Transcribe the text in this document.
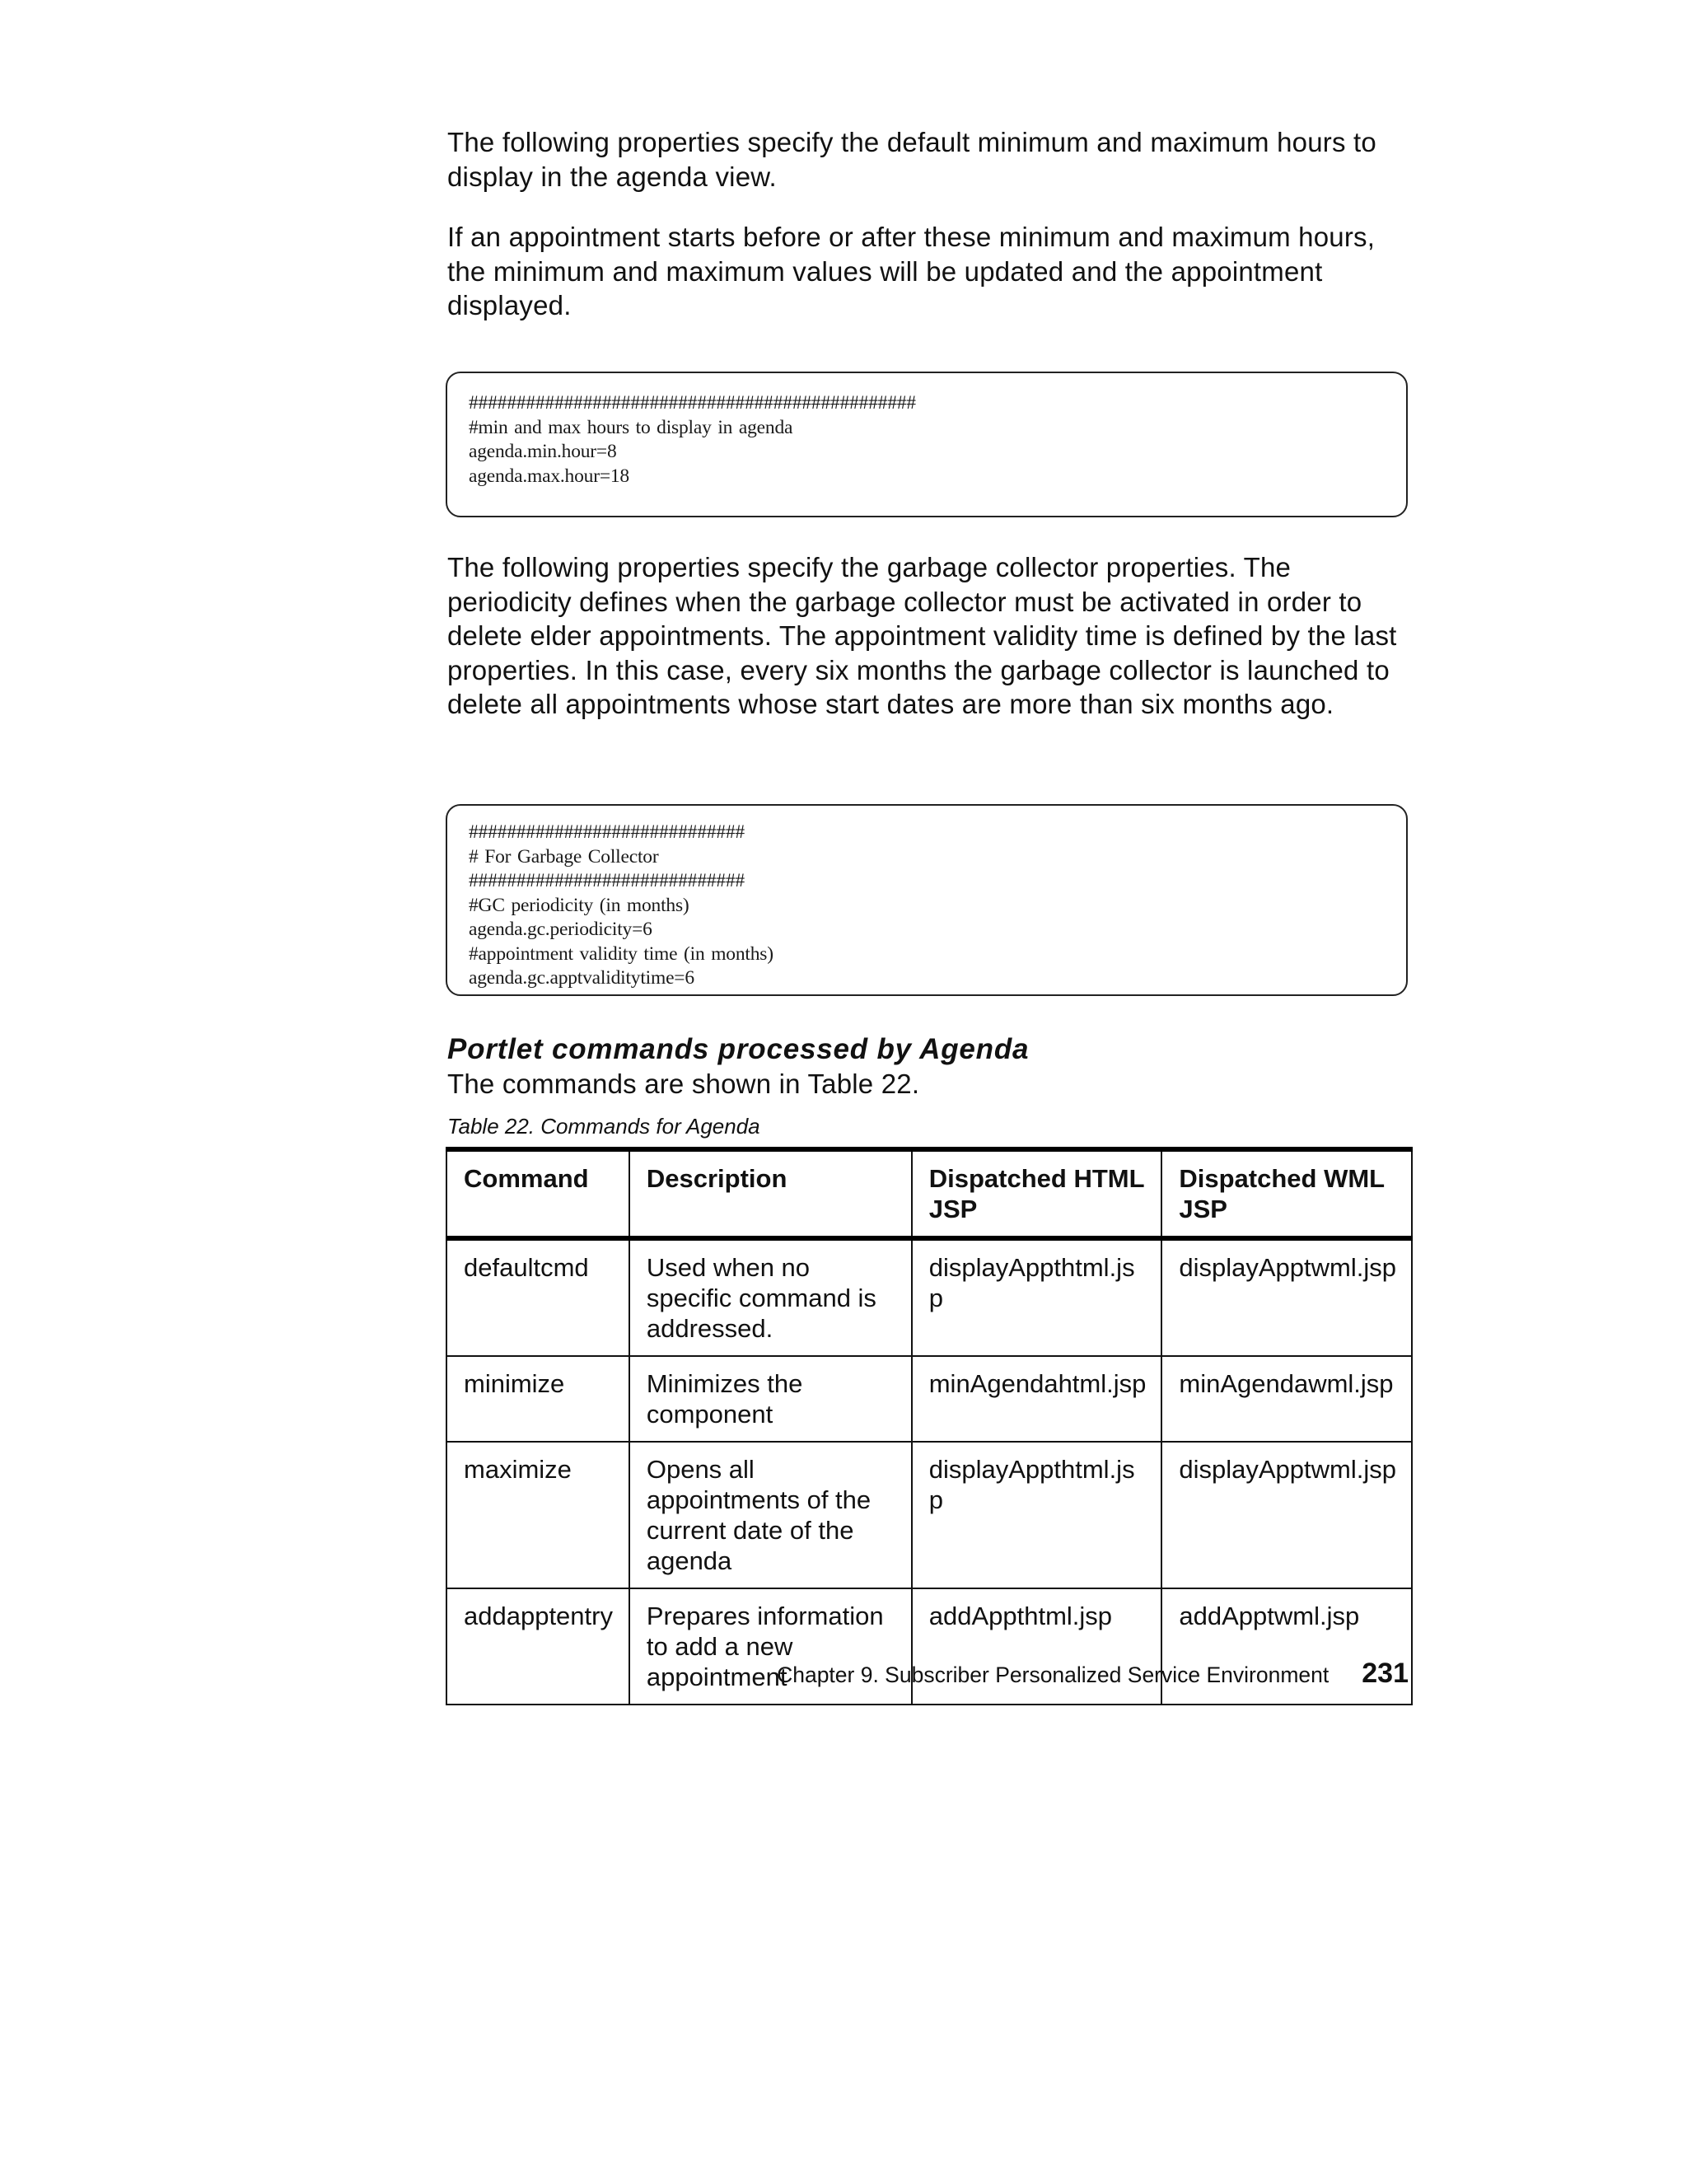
The following properties specify the default minimum and maximum hours to display in the agenda view.

If an appointment starts before or after these minimum and maximum hours, the minimum and maximum values will be updated and the appointment displayed.

###############################################
#min and max hours to display in agenda
agenda.min.hour=8
agenda.max.hour=18

The following properties specify the garbage collector properties. The periodicity defines when the garbage collector must be activated in order to delete elder appointments. The appointment validity time is defined by the last properties. In this case, every six months the garbage collector is launched to delete all appointments whose start dates are more than six months ago.

#############################
# For Garbage Collector
#############################
#GC periodicity (in months)
agenda.gc.periodicity=6
#appointment validity time (in months)
agenda.gc.apptvaliditytime=6

Portlet commands processed by Agenda

The commands are shown in Table 22.

Table 22. Commands for Agenda

Command	Description	Dispatched HTML JSP	Dispatched WML JSP
defaultcmd	Used when no specific command is addressed.	displayAppthtml.js p	displayApptwml.jsp
minimize	Minimizes the component	minAgendahtml.jsp	minAgendawml.jsp
maximize	Opens all appointments of the current date of the agenda	displayAppthtml.js p	displayApptwml.jsp
addapptentry	Prepares information to add a new appointment	addAppthtml.jsp	addApptwml.jsp
Chapter 9. Subscriber Personalized Service Environment 231
